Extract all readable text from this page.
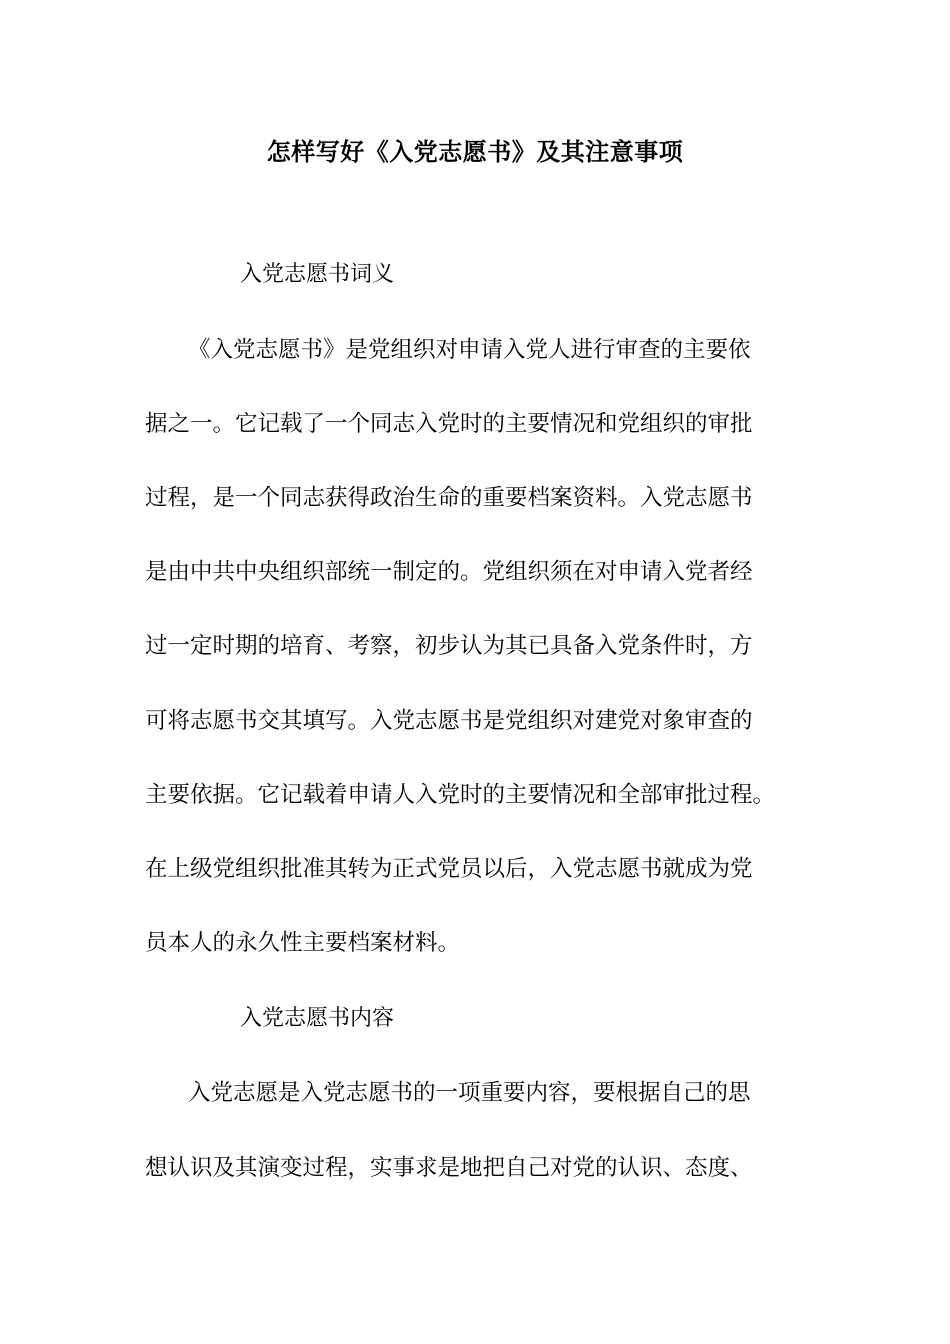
怎样写好《入党志愿书》及其注意事项
入党志愿书词义
《入党志愿书》是党组织对申请入党人进行审查的主要依
据之一。它记载了一个同志入党时的主要情况和党组织的审批
过程，是一个同志获得政治生命的重要档案资料。入党志愿书
是由中共中央组织部统一制定的。党组织须在对申请入党者经
过一定时期的培育、考察，初步认为其已具备入党条件时，方
可将志愿书交其填写。入党志愿书是党组织对建党对象审查的
主要依据。它记载着申请人入党时的主要情况和全部审批过程。
在上级党组织批准其转为正式党员以后，入党志愿书就成为党
员本人的永久性主要档案材料。
入党志愿书内容
入党志愿是入党志愿书的一项重要内容，要根据自己的思
想认识及其演变过程，实事求是地把自己对党的认识、态度、
